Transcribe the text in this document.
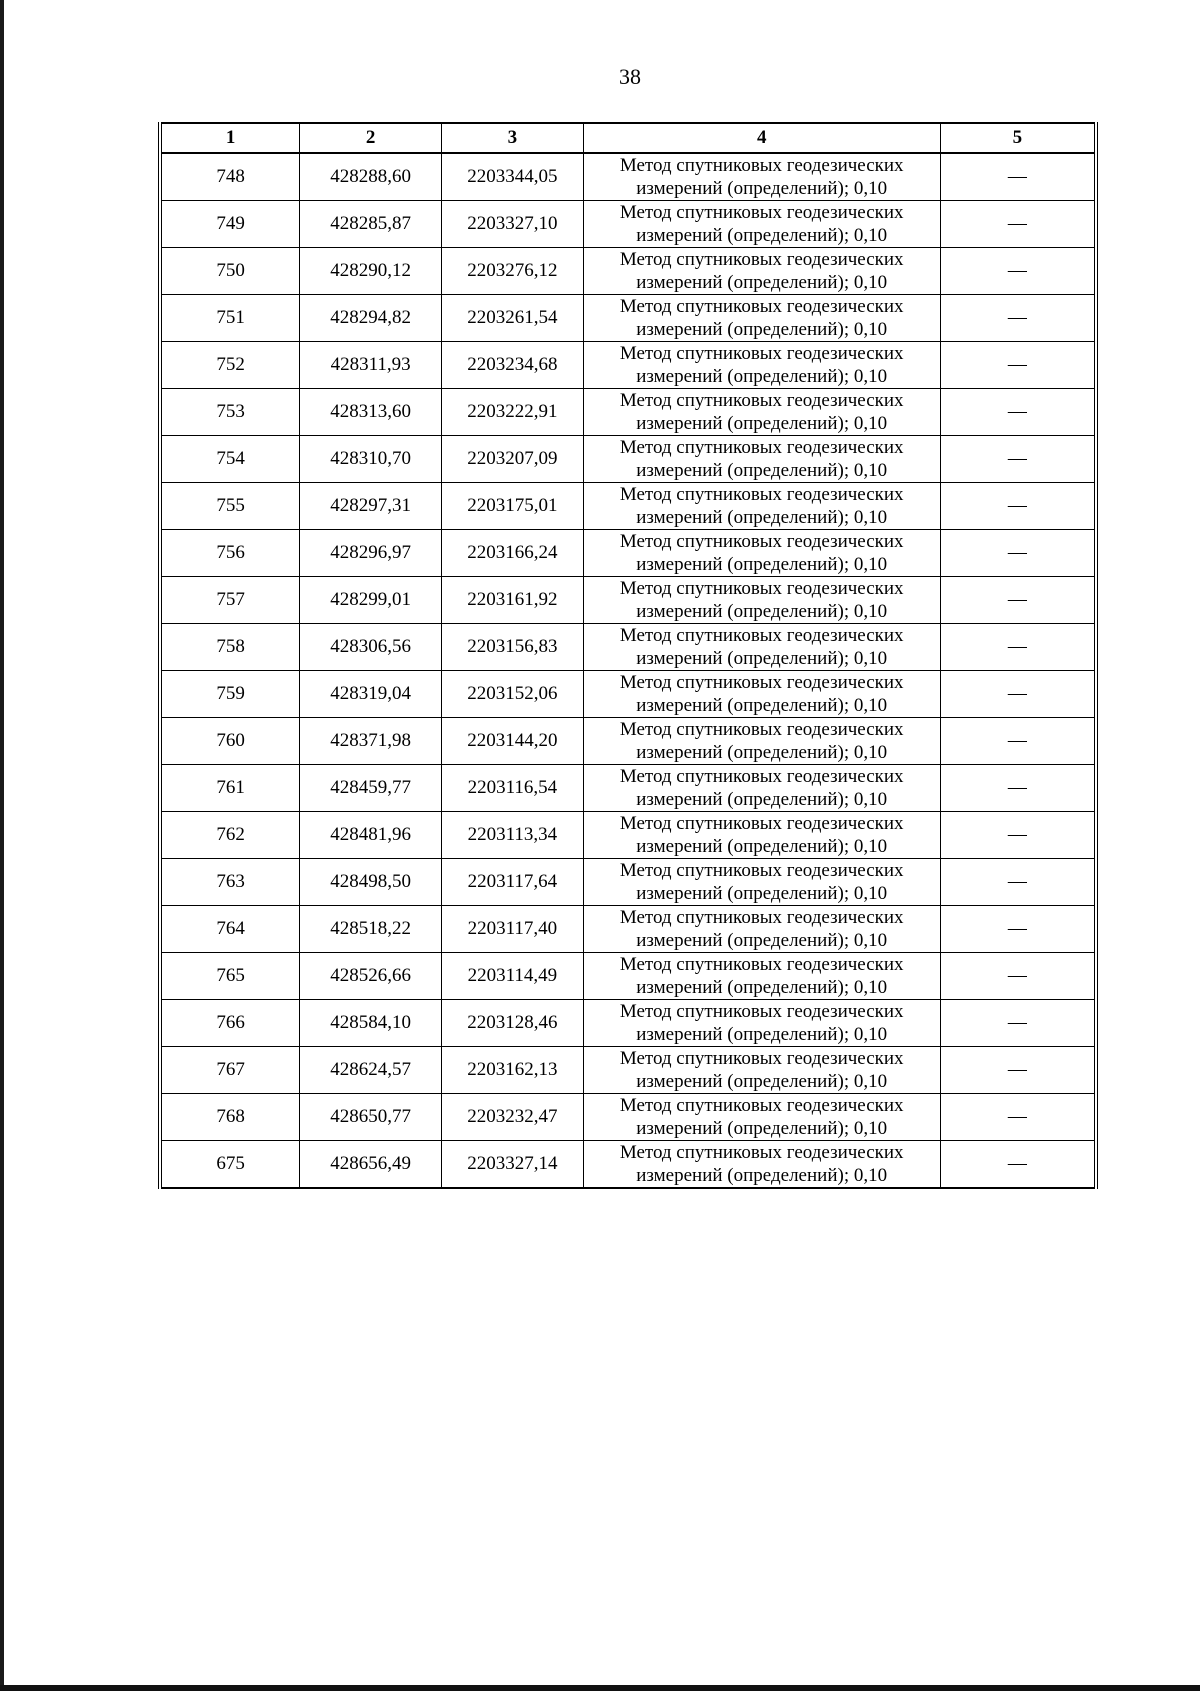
38
1	2	3	4	5
748	428288,60	2203344,05	Метод спутниковых геодезических
измерений (определений); 0,10	—
749	428285,87	2203327,10	Метод спутниковых геодезических
измерений (определений); 0,10	—
750	428290,12	2203276,12	Метод спутниковых геодезических
измерений (определений); 0,10	—
751	428294,82	2203261,54	Метод спутниковых геодезических
измерений (определений); 0,10	—
752	428311,93	2203234,68	Метод спутниковых геодезических
измерений (определений); 0,10	—
753	428313,60	2203222,91	Метод спутниковых геодезических
измерений (определений); 0,10	—
754	428310,70	2203207,09	Метод спутниковых геодезических
измерений (определений); 0,10	—
755	428297,31	2203175,01	Метод спутниковых геодезических
измерений (определений); 0,10	—
756	428296,97	2203166,24	Метод спутниковых геодезических
измерений (определений); 0,10	—
757	428299,01	2203161,92	Метод спутниковых геодезических
измерений (определений); 0,10	—
758	428306,56	2203156,83	Метод спутниковых геодезических
измерений (определений); 0,10	—
759	428319,04	2203152,06	Метод спутниковых геодезических
измерений (определений); 0,10	—
760	428371,98	2203144,20	Метод спутниковых геодезических
измерений (определений); 0,10	—
761	428459,77	2203116,54	Метод спутниковых геодезических
измерений (определений); 0,10	—
762	428481,96	2203113,34	Метод спутниковых геодезических
измерений (определений); 0,10	—
763	428498,50	2203117,64	Метод спутниковых геодезических
измерений (определений); 0,10	—
764	428518,22	2203117,40	Метод спутниковых геодезических
измерений (определений); 0,10	—
765	428526,66	2203114,49	Метод спутниковых геодезических
измерений (определений); 0,10	—
766	428584,10	2203128,46	Метод спутниковых геодезических
измерений (определений); 0,10	—
767	428624,57	2203162,13	Метод спутниковых геодезических
измерений (определений); 0,10	—
768	428650,77	2203232,47	Метод спутниковых геодезических
измерений (определений); 0,10	—
675	428656,49	2203327,14	Метод спутниковых геодезических
измерений (определений); 0,10	—
